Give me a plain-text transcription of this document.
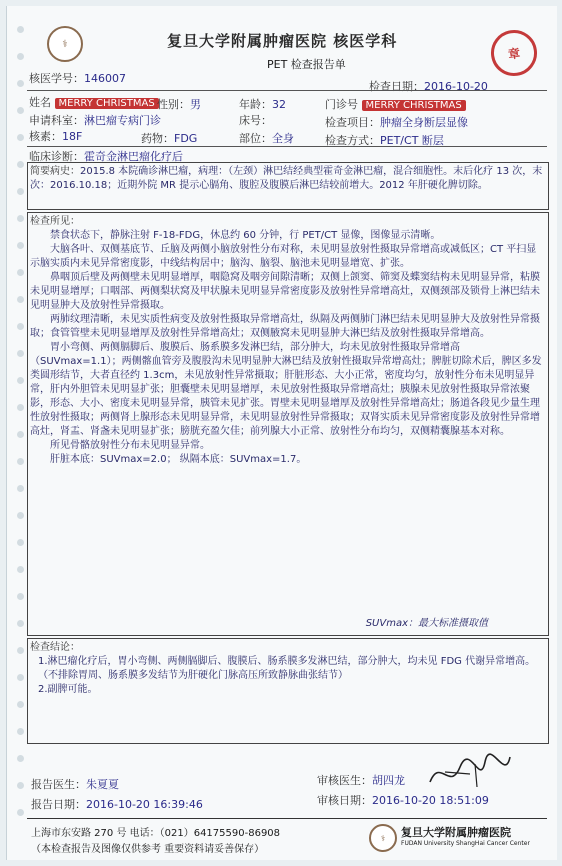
⚕	复旦大学附属肿瘤医院 核医学科
PET 检查报告单
章
核医学号：146007
检查日期：2016-10-20
姓名 MERRY CHRISTMAS 性别：男	年龄：32	门诊号 MERRY CHRISTMAS
申请科室：淋巴瘤专病门诊	床号：	检查项目：肿瘤全身断层显像
核素：18F	药物：FDG	部位：全身	检查方式：PET/CT 断层
临床诊断：霍奇金淋巴瘤化疗后
简要病史：2015.8 本院确诊淋巴瘤，病理：（左颈）淋巴结经典型霍奇金淋巴瘤，混合细胞性。末后化疗 13 次，末次：2016.10.18；近期外院 MR 提示心膈角、腹腔及腹膜后淋巴结较前增大。2012 年肝硬化脾切除。
检查所见：
禁食状态下，静脉注射 F-18-FDG，休息约 60 分钟，行 PET/CT 显像，图像显示清晰。
大脑各叶、双侧基底节、丘脑及两侧小脑放射性分布对称，未见明显放射性摄取异常增高或减低区；CT 平扫显示脑实质内未见异常密度影，中线结构居中；脑沟、脑裂、脑池未见明显增宽、扩张。
鼻咽顶后壁及两侧壁未见明显增厚，咽隐窝及咽旁间隙清晰；双侧上颌窦、筛窦及蝶窦结构未见明显异常，粘膜未见明显增厚；口咽部、两侧梨状窝及甲状腺未见明显异常密度影及放射性异常增高灶，双侧颈部及锁骨上淋巴结未见明显肿大及放射性异常摄取。
两肺纹理清晰，未见实质性病变及放射性摄取异常增高灶，纵隔及两侧肺门淋巴结未见明显肿大及放射性异常摄取；食管管壁未见明显增厚及放射性异常增高灶；双侧腋窝未见明显肿大淋巴结及放射性摄取异常增高。
胃小弯侧、两侧膈脚后、腹膜后、肠系膜多发淋巴结，部分肿大，均未见放射性摄取异常增高（SUVmax=1.1）；两侧髂血管旁及腹股沟未见明显肿大淋巴结及放射性摄取异常增高灶；脾脏切除术后，脾区多发类圆形结节，大者直径约 1.3cm，未见放射性异常摄取；肝脏形态、大小正常，密度均匀，放射性分布未见明显异常，肝内外胆管未见明显扩张；胆囊壁未见明显增厚，未见放射性摄取异常增高灶；胰腺未见放射性摄取异常浓聚影，形态、大小、密度未见明显异常，胰管未见扩张。胃壁未见明显增厚及放射性异常增高灶；肠道各段见少量生理性放射性摄取；两侧肾上腺形态未见明显异常，未见明显放射性异常摄取；双肾实质未见异常密度影及放射性异常增高灶，肾盂、肾盏未见明显扩张；膀胱充盈欠佳；前列腺大小正常、放射性分布均匀，双侧精囊腺基本对称。
所见骨骼放射性分布未见明显异常。
肝脏本底：SUVmax=2.0； 纵隔本底：SUVmax=1.7。
SUVmax：最大标准摄取值
检查结论：
1.淋巴瘤化疗后，胃小弯侧、两侧膈脚后、腹膜后、肠系膜多发淋巴结，部分肿大，均未见 FDG 代谢异常增高。（不排除胃周、肠系膜多发结节为肝硬化门脉高压所致静脉曲张结节）
2.副脾可能。
报告医生：朱夏夏	审核医生：胡四龙
报告日期：2016-10-20 16:39:46	审核日期：2016-10-20 18:51:09
上海市东安路 270 号 电话：（021）64175590-86908
（本检查报告及图像仅供参考 重要资料请妥善保存）
⚕	复旦大学附属肿瘤医院
FUDAN University ShangHai Cancer Center
